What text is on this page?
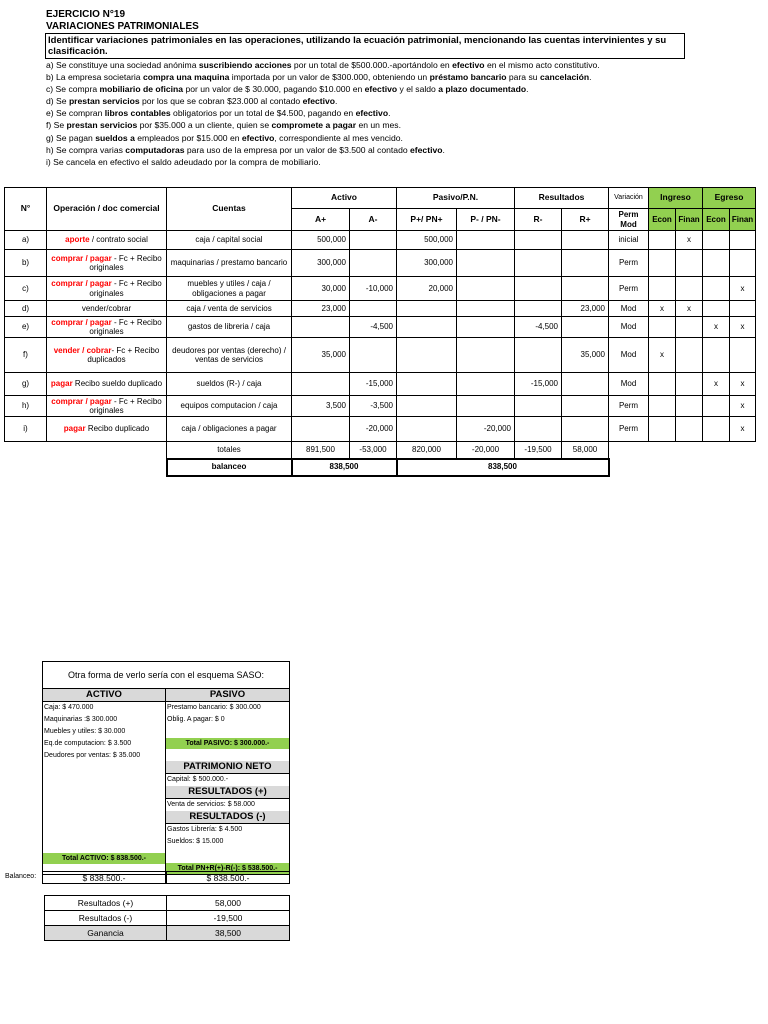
EJERCICIO N°19
VARIACIONES PATRIMONIALES
Identificar variaciones patrimoniales en las operaciones, utilizando la ecuación patrimonial, mencionando las cuentas intervinientes y su clasificación.
a) Se constituye una sociedad anónima suscribiendo acciones por un total de $500.000.-aportándolo en efectivo en el mismo acto constitutivo.
b) La empresa societaria compra una maquina importada por un valor de $300.000, obteniendo un préstamo bancario para su cancelación.
c) Se compra mobiliario de oficina por un valor de $ 30.000, pagando $10.000 en efectivo y el saldo a plazo documentado.
d) Se prestan servicios por los que se cobran $23.000 al contado efectivo.
e) Se compran libros contables obligatorios por un total de $4.500, pagando en efectivo.
f) Se prestan servicios por $35.000 a un cliente, quien se compromete a pagar en un mes.
g) Se pagan sueldos a empleados por $15.000 en efectivo, correspondiente al mes vencido.
h) Se compra varias computadoras para uso de la empresa por un valor de $3.500 al contado efectivo.
i) Se cancela en efectivo el saldo adeudado por la compra de mobiliario.
N°	Operación / doc comercial	Cuentas	Activo		Pasivo/P.N.		Resultados		Variación	Ingreso		Egreso	
			A+	A-	P+/ PN+	P- / PN-	R-	R+	Perm Mod	Econ	Finan	Econ	Finan
a)	aporte / contrato social	caja / capital social	500,000		500,000				inicial		x		
b)	comprar / pagar - Fc + Recibo originales	maquinarias / prestamo bancario	300,000		300,000				Perm				
c)	comprar / pagar - Fc + Recibo originales	muebles y utiles / caja / obligaciones a pagar	30,000	-10,000	20,000				Perm				x
d)	vender/cobrar	caja / venta de servicios	23,000					23,000	Mod	x	x		
e)	comprar / pagar - Fc + Recibo originales	gastos de libreria / caja		-4,500			-4,500		Mod			x	x
f)	vender / cobrar- Fc + Recibo duplicados	deudores por ventas (derecho) / ventas de servicios	35,000					35,000	Mod	x			
g)	pagar Recibo sueldo duplicado	sueldos (R-) / caja		-15,000			-15,000		Mod			x	x
h)	comprar / pagar - Fc + Recibo originales	equipos computacion / caja	3,500	-3,500					Perm				x
i)	pagar Recibo duplicado	caja / obligaciones a pagar		-20,000		-20,000			Perm				x
		totales	891,500	-53,000	820,000	-20,000	-19,500	58,000					
		balanceo	838,500		838,500								
Otra forma de verlo sería con el esquema SASO:
ACTIVO
Caja: $ 470.000
Maquinarias :$ 300.000
Muebles y utiles: $ 30.000
Eq.de computacion: $ 3.500
Deudores por ventas: $ 35.000
Total ACTIVO: $ 838.500.-
PASIVO
Prestamo bancario: $ 300.000
Oblig. A pagar: $ 0
Total PASIVO: $ 300.000.-
PATRIMONIO NETO
Capital: $ 500.000.-
RESULTADOS (+)
Venta de servicios: $ 58.000
RESULTADOS (-)
Gastos Librería: $ 4.500
Sueldos: $ 15.000
Total PN+R(+)-R(-): $ 538.500.-
Balanceo:	$ 838.500.-	$ 838.500.-
Resultados (+)	58,000
Resultados (-)	-19,500
Ganancia	38,500
